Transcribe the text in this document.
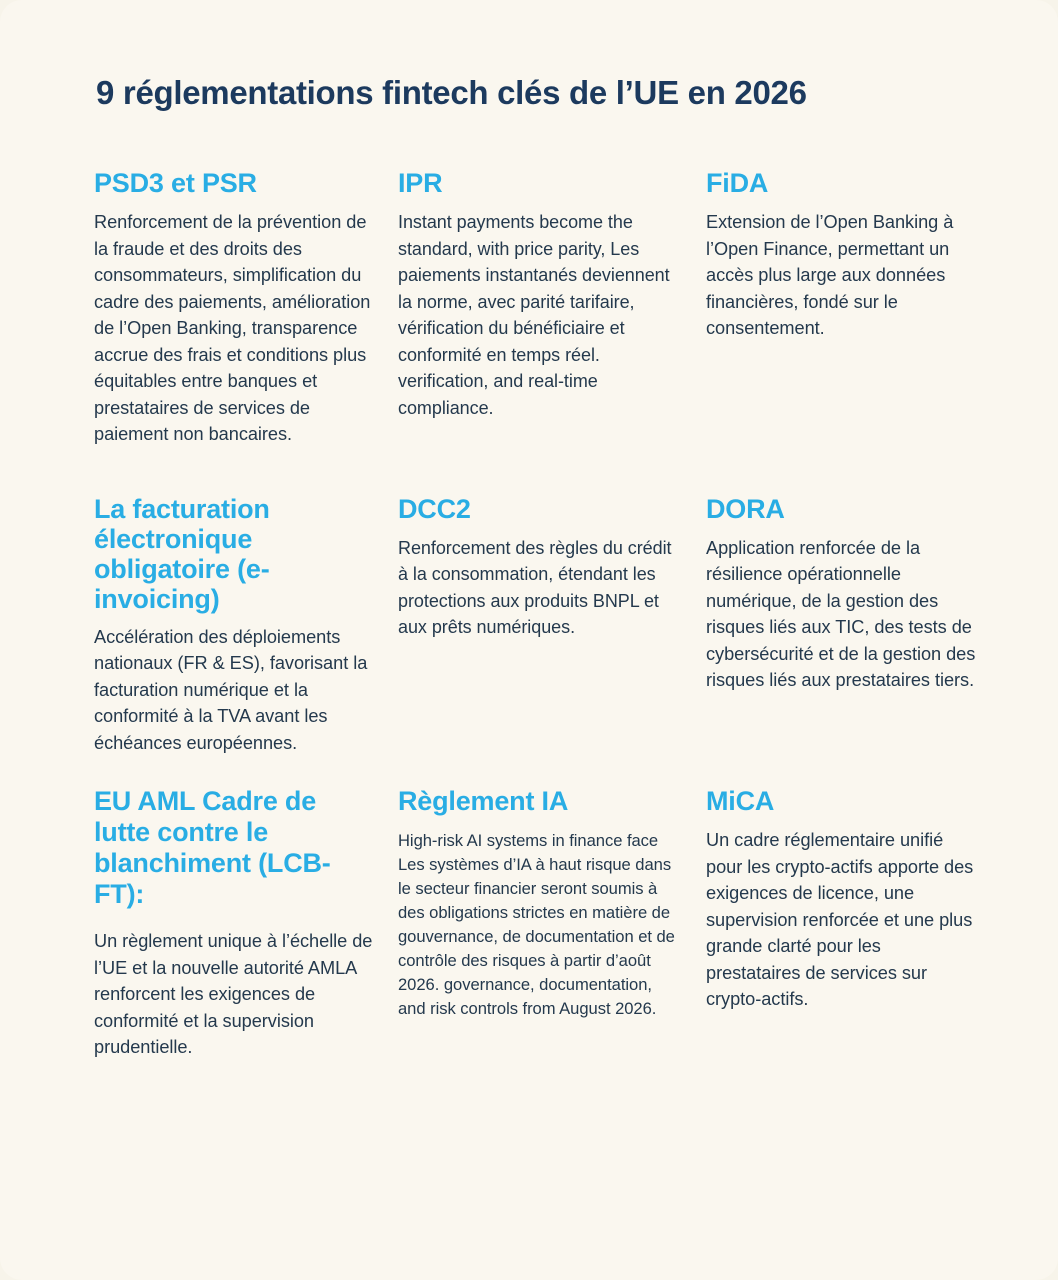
9 réglementations fintech clés de l’UE en 2026
PSD3 et PSR

Renforcement de la prévention de la fraude et des droits des consommateurs, simplification du cadre des paiements, amélioration de l’Open Banking, transparence accrue des frais et conditions plus équitables entre banques et prestataires de services de paiement non bancaires.

IPR

Instant payments become the standard, with price parity, Les paiements instantanés deviennent la norme, avec parité tarifaire, vérification du bénéficiaire et conformité en temps réel. verification, and real-time compliance.

FiDA

Extension de l’Open Banking à l’Open Finance, permettant un accès plus large aux données financières, fondé sur le consentement.

La facturation électronique obligatoire (e-invoicing)

Accélération des déploiements nationaux (FR & ES), favorisant la facturation numérique et la conformité à la TVA avant les échéances européennes.

DCC2

Renforcement des règles du crédit à la consommation, étendant les protections aux produits BNPL et aux prêts numériques.

DORA

Application renforcée de la résilience opérationnelle numérique, de la gestion des risques liés aux TIC, des tests de cybersécurité et de la gestion des risques liés aux prestataires tiers.

EU AML Cadre de lutte contre le blanchiment (LCB-FT):

Un règlement unique à l’échelle de l’UE et la nouvelle autorité AMLA renforcent les exigences de conformité et la supervision prudentielle.

Règlement IA

High-risk AI systems in finance face Les systèmes d’IA à haut risque dans le secteur financier seront soumis à des obligations strictes en matière de gouvernance, de documentation et de contrôle des risques à partir d’août 2026. governance, documentation, and risk controls from August 2026.

MiCA

Un cadre réglementaire unifié pour les crypto-actifs apporte des exigences de licence, une supervision renforcée et une plus grande clarté pour les prestataires de services sur crypto-actifs.
